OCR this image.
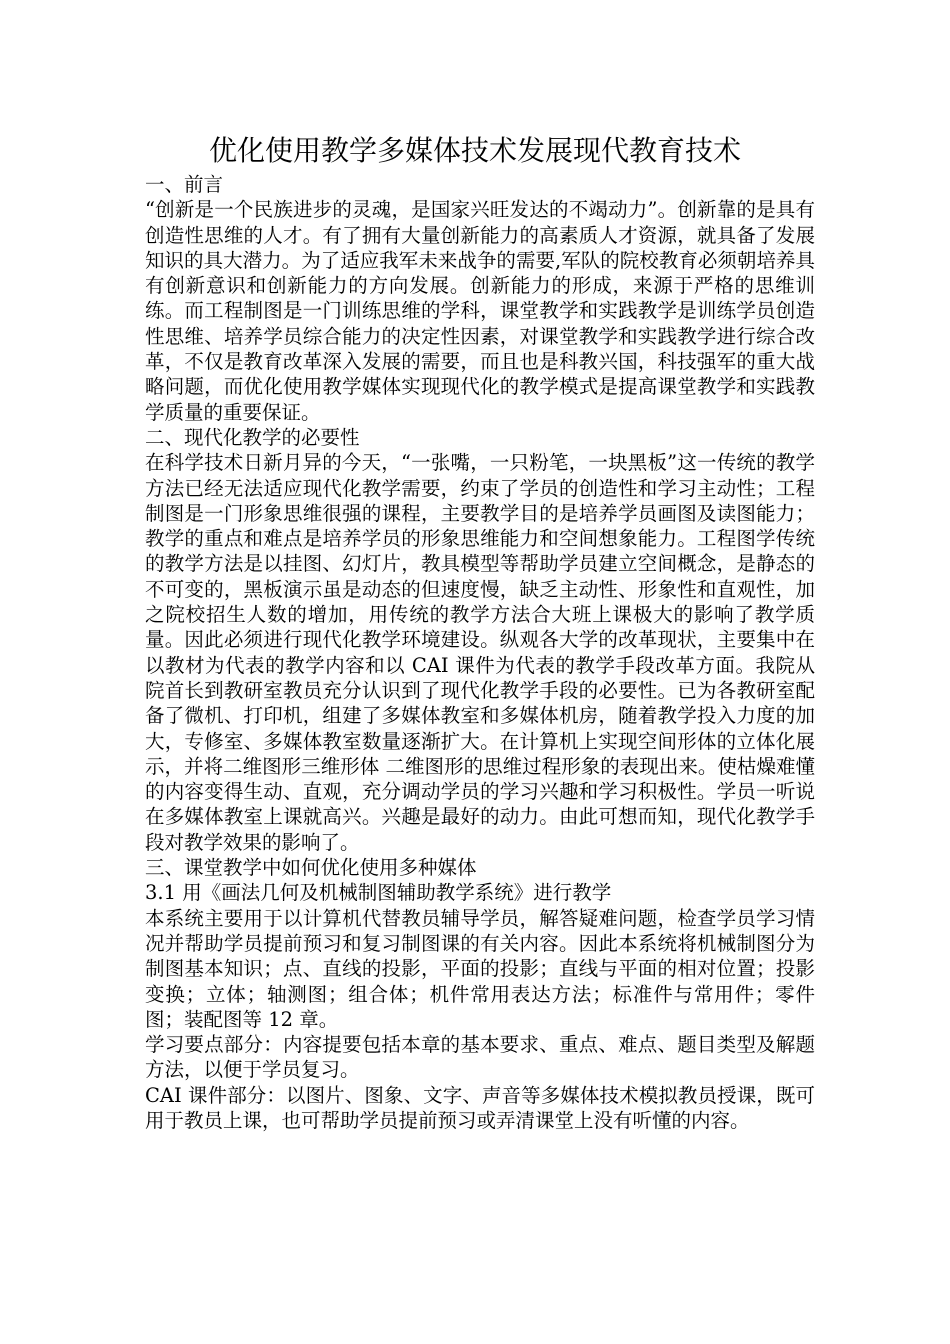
优化使用教学多媒体技术发展现代教育技术

一、前言

“创新是一个民族进步的灵魂，是国家兴旺发达的不竭动力”。创新靠的是具有创造性思维的人才。有了拥有大量创新能力的高素质人才资源，就具备了发展知识的具大潜力。为了适应我军未来战争的需要,军队的院校教育必须朝培养具有创新意识和创新能力的方向发展。创新能力的形成，来源于严格的思维训练。而工程制图是一门训练思维的学科，课堂教学和实践教学是训练学员创造性思维、培养学员综合能力的决定性因素，对课堂教学和实践教学进行综合改革，不仅是教育改革深入发展的需要，而且也是科教兴国，科技强军的重大战略问题，而优化使用教学媒体实现现代化的教学模式是提高课堂教学和实践教学质量的重要保证。

二、现代化教学的必要性

在科学技术日新月异的今天，“一张嘴，一只粉笔，一块黑板”这一传统的教学方法已经无法适应现代化教学需要，约束了学员的创造性和学习主动性；工程制图是一门形象思维很强的课程，主要教学目的是培养学员画图及读图能力；教学的重点和难点是培养学员的形象思维能力和空间想象能力。工程图学传统的教学方法是以挂图、幻灯片，教具模型等帮助学员建立空间概念，是静态的不可变的，黑板演示虽是动态的但速度慢，缺乏主动性、形象性和直观性，加之院校招生人数的增加，用传统的教学方法合大班上课极大的影响了教学质量。因此必须进行现代化教学环境建设。纵观各大学的改革现状，主要集中在以教材为代表的教学内容和以 CAI 课件为代表的教学手段改革方面。我院从院首长到教研室教员充分认识到了现代化教学手段的必要性。已为各教研室配备了微机、打印机，组建了多媒体教室和多媒体机房，随着教学投入力度的加大，专修室、多媒体教室数量逐渐扩大。在计算机上实现空间形体的立体化展示，并将二维图形三维形体 二维图形的思维过程形象的表现出来。使枯燥难懂的内容变得生动、直观，充分调动学员的学习兴趣和学习积极性。学员一听说在多媒体教室上课就高兴。兴趣是最好的动力。由此可想而知，现代化教学手段对教学效果的影响了。

三、课堂教学中如何优化使用多种媒体

3.1 用《画法几何及机械制图辅助教学系统》进行教学

本系统主要用于以计算机代替教员辅导学员，解答疑难问题，检查学员学习情况并帮助学员提前预习和复习制图课的有关内容。因此本系统将机械制图分为制图基本知识；点、直线的投影，平面的投影；直线与平面的相对位置；投影变换；立体；轴测图；组合体；机件常用表达方法；标准件与常用件；零件图；装配图等 12 章。

学习要点部分：内容提要包括本章的基本要求、重点、难点、题目类型及解题方法，以便于学员复习。

CAI 课件部分：以图片、图象、文字、声音等多媒体技术模拟教员授课，既可用于教员上课，也可帮助学员提前预习或弄清课堂上没有听懂的内容。
